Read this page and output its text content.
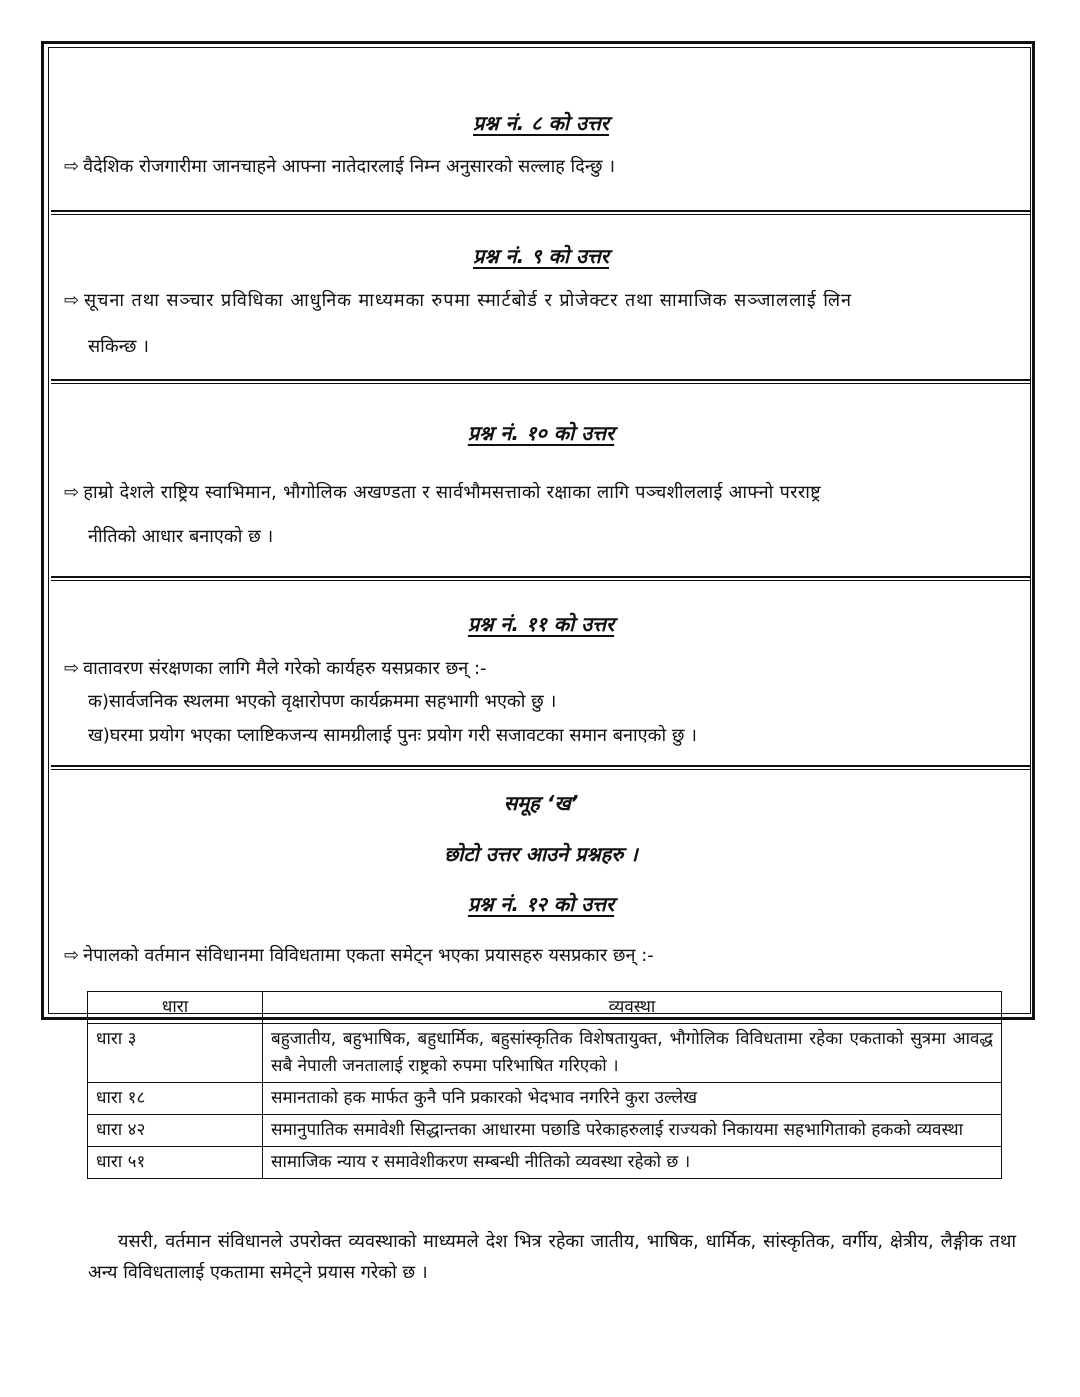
प्रश्न नं. ८ को उत्तर
⇨ वैदेशिक रोजगारीमा जानचाहने आफ्ना नातेदारलाई निम्न अनुसारको सल्लाह दिन्छु ।
प्रश्न नं. ९ को उत्तर
⇨ सूचना तथा सञ्चार प्रविधिका आधुनिक माध्यमका रुपमा स्मार्टबोर्ड र प्रोजेक्टर तथा सामाजिक सञ्जाललाई लिन
सकिन्छ ।
प्रश्न नं. १० को उत्तर
⇨ हाम्रो देशले राष्ट्रिय स्वाभिमान, भौगोलिक अखण्डता र सार्वभौमसत्ताको रक्षाका लागि पञ्चशीललाई आफ्नो परराष्ट्र
नीतिको आधार बनाएको छ ।
प्रश्न नं. ११ को उत्तर
⇨ वातावरण संरक्षणका लागि मैले गरेको कार्यहरु यसप्रकार छन् :-
क)सार्वजनिक स्थलमा भएको वृक्षारोपण कार्यक्रममा सहभागी भएको छु ।
ख)घरमा प्रयोग भएका प्लाष्टिकजन्य सामग्रीलाई पुनः प्रयोग गरी सजावटका समान बनाएको छु ।
समूह ‘ख’
छोटो उत्तर आउने प्रश्नहरु ।
प्रश्न नं. १२ को उत्तर
⇨ नेपालको वर्तमान संविधानमा विविधतामा एकता समेट्न भएका प्रयासहरु यसप्रकार छन् :-
धारा	व्यवस्था
धारा ३	बहुजातीय, बहुभाषिक, बहुधार्मिक, बहुसांस्कृतिक विशेषतायुक्त, भौगोलिक विविधतामा रहेका एकताको सुत्रमा आवद्ध सबै नेपाली जनतालाई राष्ट्रको रुपमा परिभाषित गरिएको ।
धारा १८	समानताको हक मार्फत कुनै पनि प्रकारको भेदभाव नगरिने कुरा उल्लेख
धारा ४२	समानुपातिक समावेशी सिद्धान्तका आधारमा पछाडि परेकाहरुलाई राज्यको निकायमा सहभागिताको हकको व्यवस्था
धारा ५१	सामाजिक न्याय र समावेशीकरण सम्बन्धी नीतिको व्यवस्था रहेको छ ।
यसरी, वर्तमान संविधानले उपरोक्त व्यवस्थाको माध्यमले देश भित्र रहेका जातीय, भाषिक, धार्मिक, सांस्कृतिक, वर्गीय, क्षेत्रीय, लैङ्गीक तथा अन्य विविधतालाई एकतामा समेट्ने प्रयास गरेको छ ।
